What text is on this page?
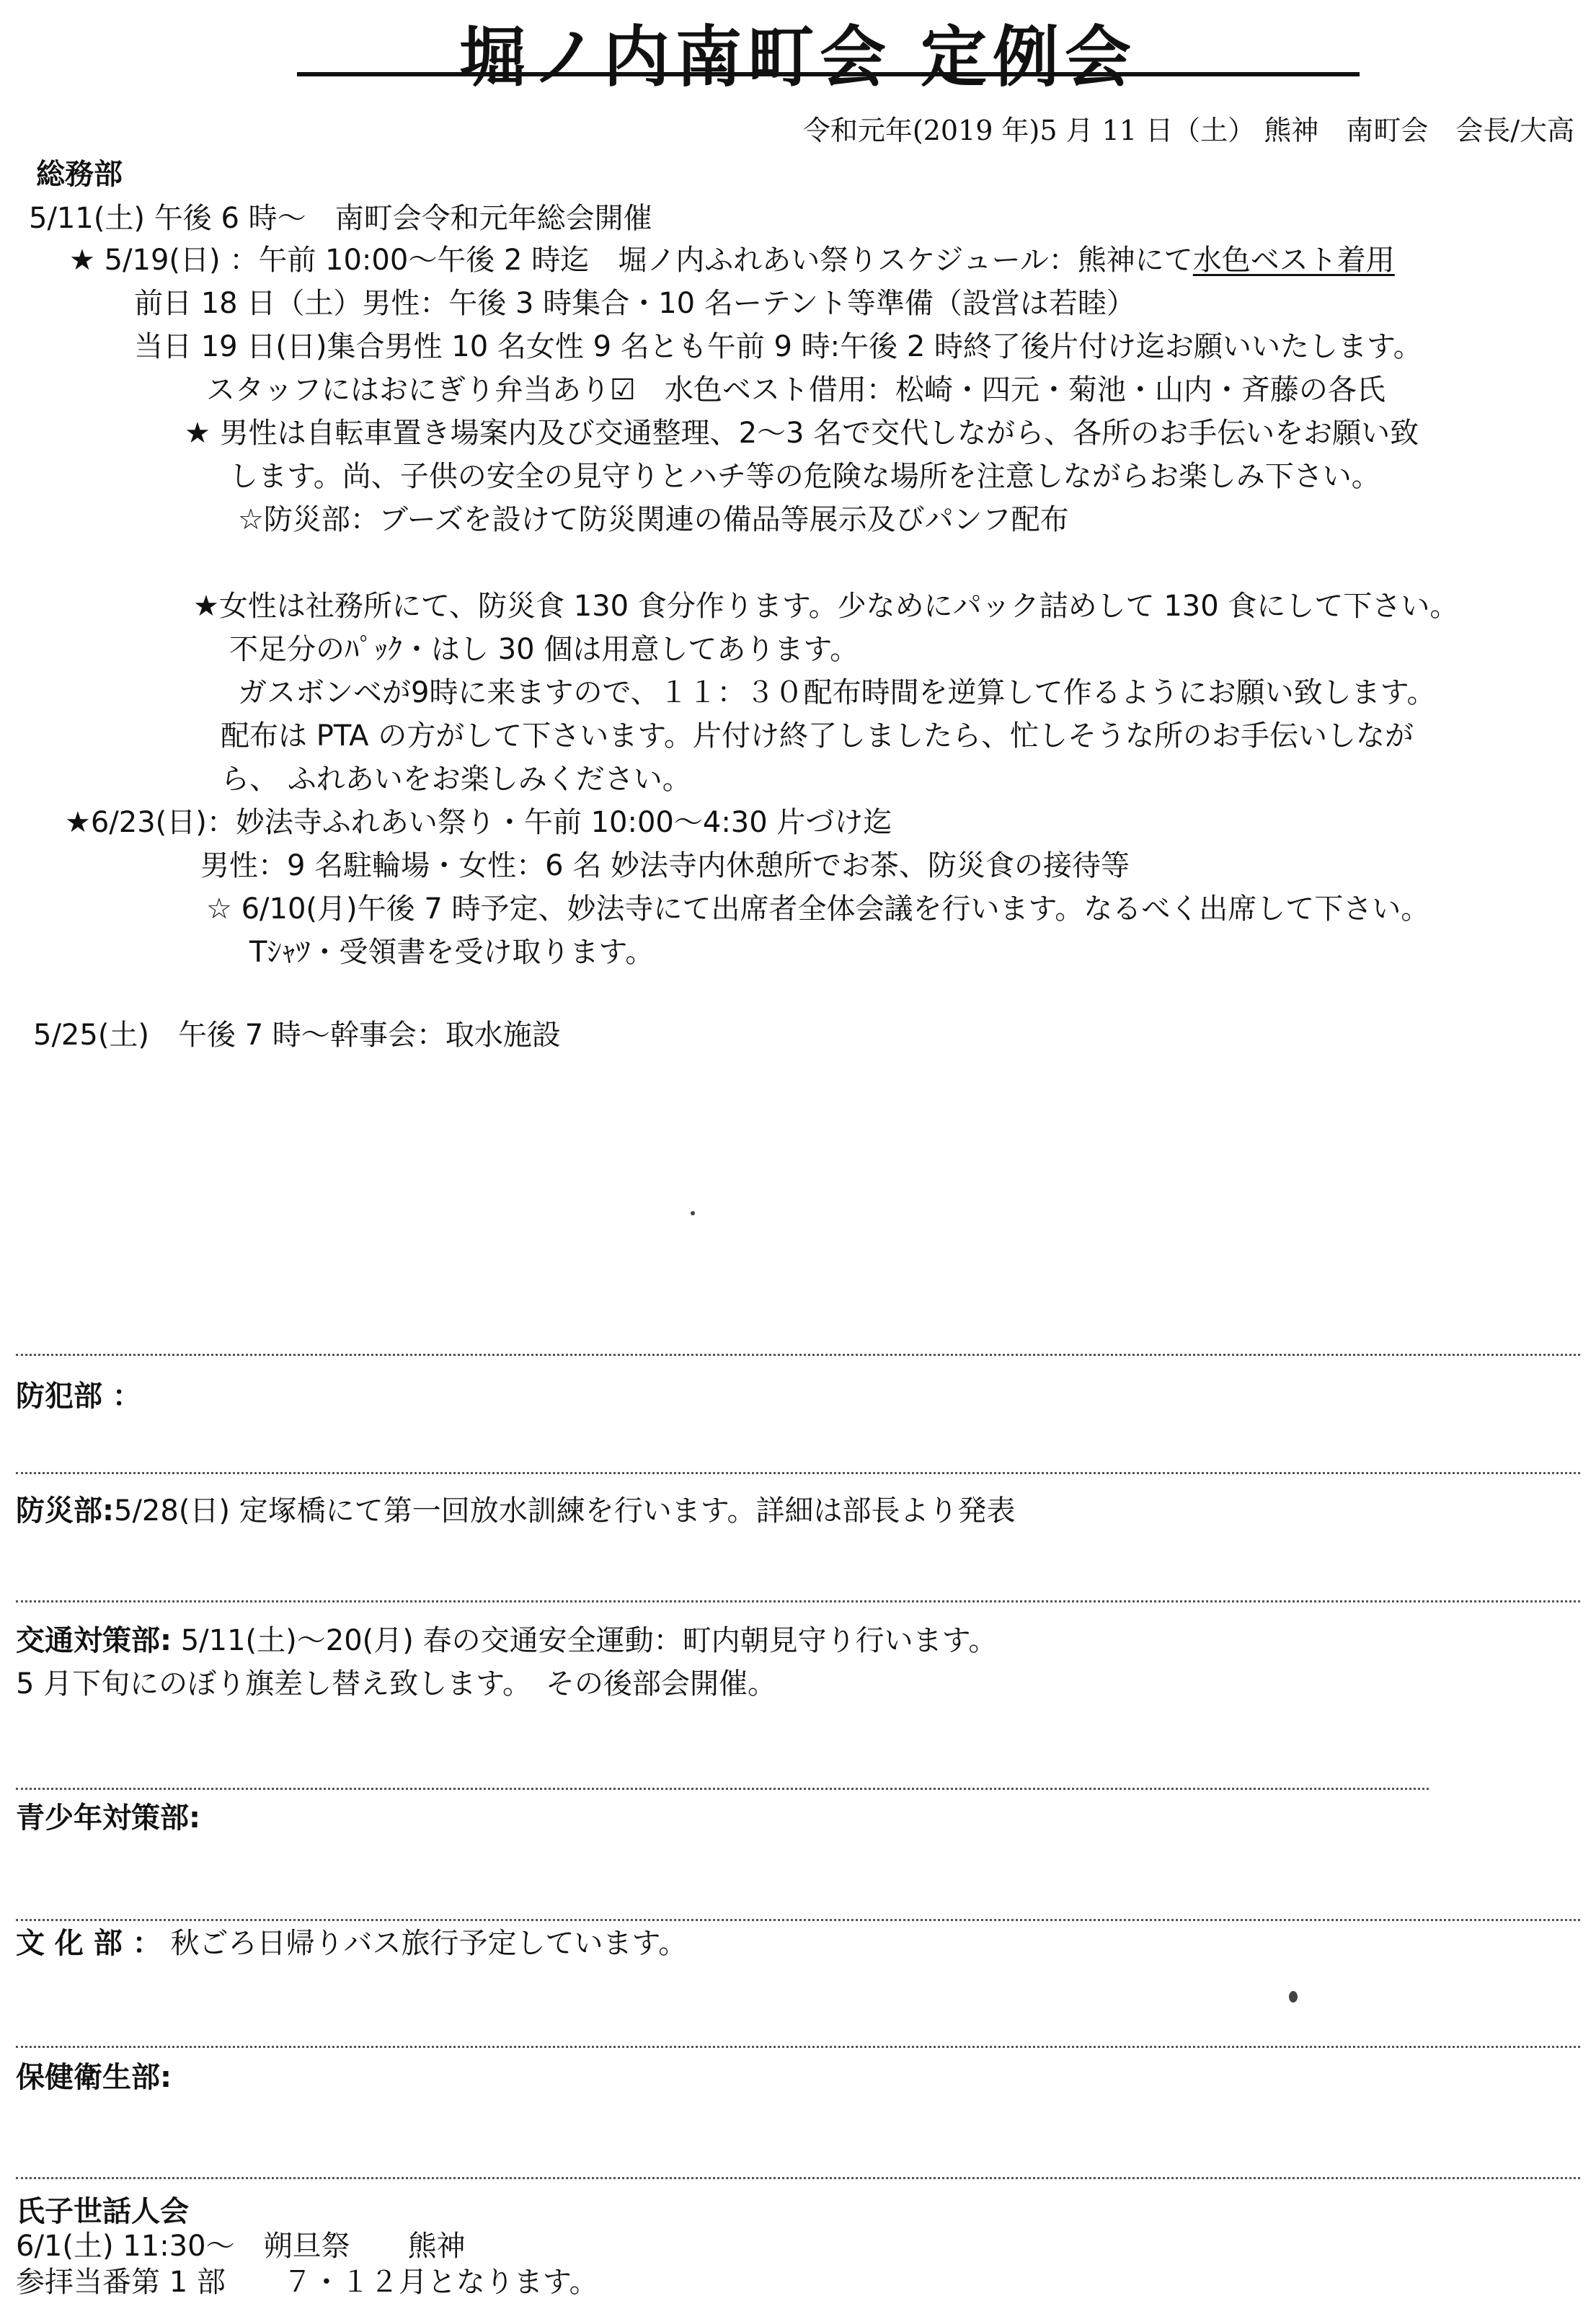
堀ノ内南町会 定例会
令和元年(2019 年)5 月 11 日（土） 熊神　南町会　会長/大高
総務部
5/11(土) 午後 6 時～　南町会令和元年総会開催
★ 5/19(日) ：午前 10:00～午後 2 時迄　堀ノ内ふれあい祭りスケジュール：熊神にて水色ベスト着用
前日 18 日（土）男性：午後 3 時集合・10 名ーテント等準備（設営は若睦）
当日 19 日(日)集合男性 10 名女性 9 名とも午前 9 時:午後 2 時終了後片付け迄お願いいたします。
スタッフにはおにぎり弁当あり☑　水色ベスト借用：松崎・四元・菊池・山内・斉藤の各氏
★ 男性は自転車置き場案内及び交通整理、2～3 名で交代しながら、各所のお手伝いをお願い致
します。尚、子供の安全の見守りとハチ等の危険な場所を注意しながらお楽しみ下さい。
☆防災部：ブーズを設けて防災関連の備品等展示及びパンフ配布
★女性は社務所にて、防災食 130 食分作ります。少なめにパック詰めして 130 食にして下さい。
不足分のﾊﾟｯｸ・はし 30 個は用意してあります。
ガスボンベが9時に来ますので、１１：３０配布時間を逆算して作るようにお願い致します。
配布は PTA の方がして下さいます。片付け終了しましたら、忙しそうな所のお手伝いしなが
ら、 ふれあいをお楽しみください。
★6/23(日)：妙法寺ふれあい祭り・午前 10:00～4:30 片づけ迄
男性：9 名駐輪場・女性：6 名 妙法寺内休憩所でお茶、防災食の接待等
☆ 6/10(月)午後 7 時予定、妙法寺にて出席者全体会議を行います。なるべく出席して下さい。
Tｼｬﾂ・受領書を受け取ります。
5/25(土)　午後 7 時～幹事会：取水施設
防犯部 ：
防災部:5/28(日) 定塚橋にて第一回放水訓練を行います。詳細は部長より発表
交通対策部: 5/11(土)～20(月) 春の交通安全運動：町内朝見守り行います。
5 月下旬にのぼり旗差し替え致します。　その後部会開催。
青少年対策部:
文 化 部 ： 秋ごろ日帰りバス旅行予定しています。
保健衛生部:
氏子世話人会
6/1(土) 11:30～　朔旦祭　　熊神
参拝当番第 1 部　　７・１２月となります。
